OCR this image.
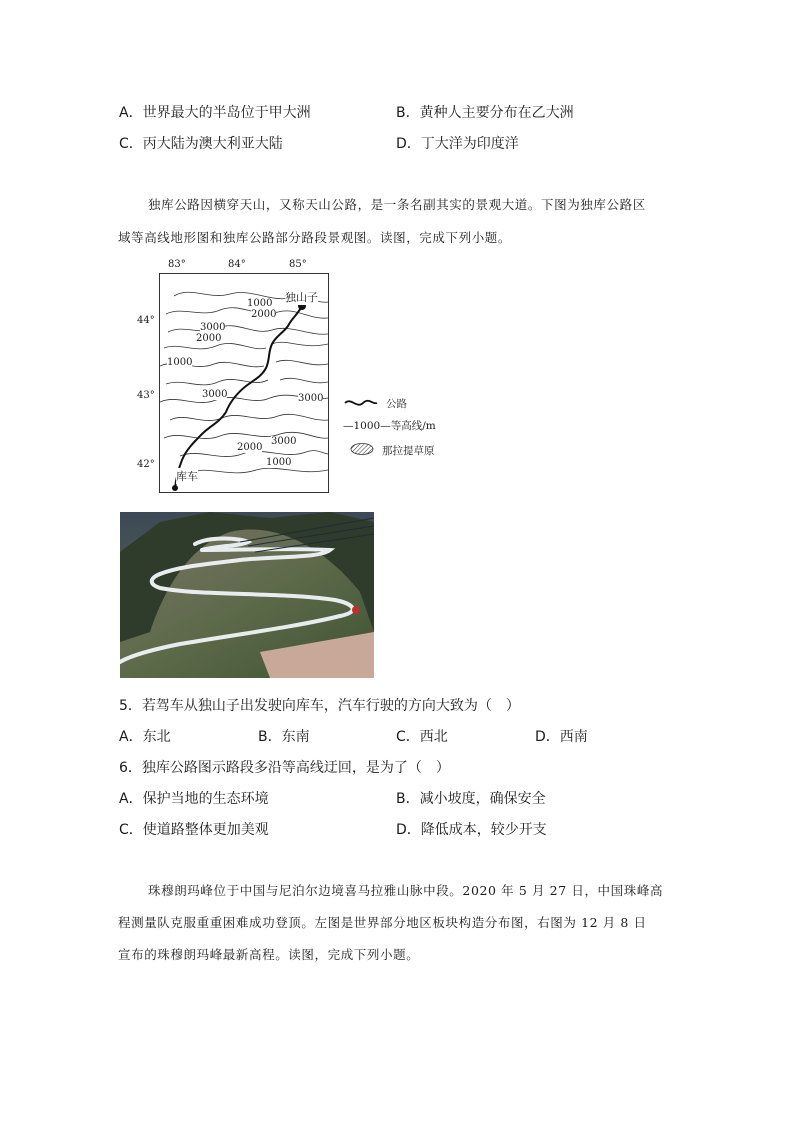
A．世界最大的半岛位于甲大洲	B．黄种人主要分布在乙大洲
C．丙大陆为澳大利亚大陆	D．丁大洋为印度洋
独库公路因横穿天山，又称天山公路，是一条名副其实的景观大道。下图为独库公路区
域等高线地形图和独库公路部分路段景观图。读图，完成下列小题。
83°	84°	85°
44°
43°
42°
1000
2000
3000
2000
1000
3000	3000
3000
2000
1000
独山子
库车
公路
—1000—等高线/m
那拉提草原
5．若驾车从独山子出发驶向库车，汽车行驶的方向大致为（　）
A．东北	B．东南	C．西北	D．西南
6．独库公路图示路段多沿等高线迂回，是为了（　）
A．保护当地的生态环境	B．减小坡度，确保安全
C．使道路整体更加美观	D．降低成本，较少开支
珠穆朗玛峰位于中国与尼泊尔边境喜马拉雅山脉中段。2020 年 5 月 27 日，中国珠峰高
程测量队克服重重困难成功登顶。左图是世界部分地区板块构造分布图，右图为 12 月 8 日
宣布的珠穆朗玛峰最新高程。读图，完成下列小题。
